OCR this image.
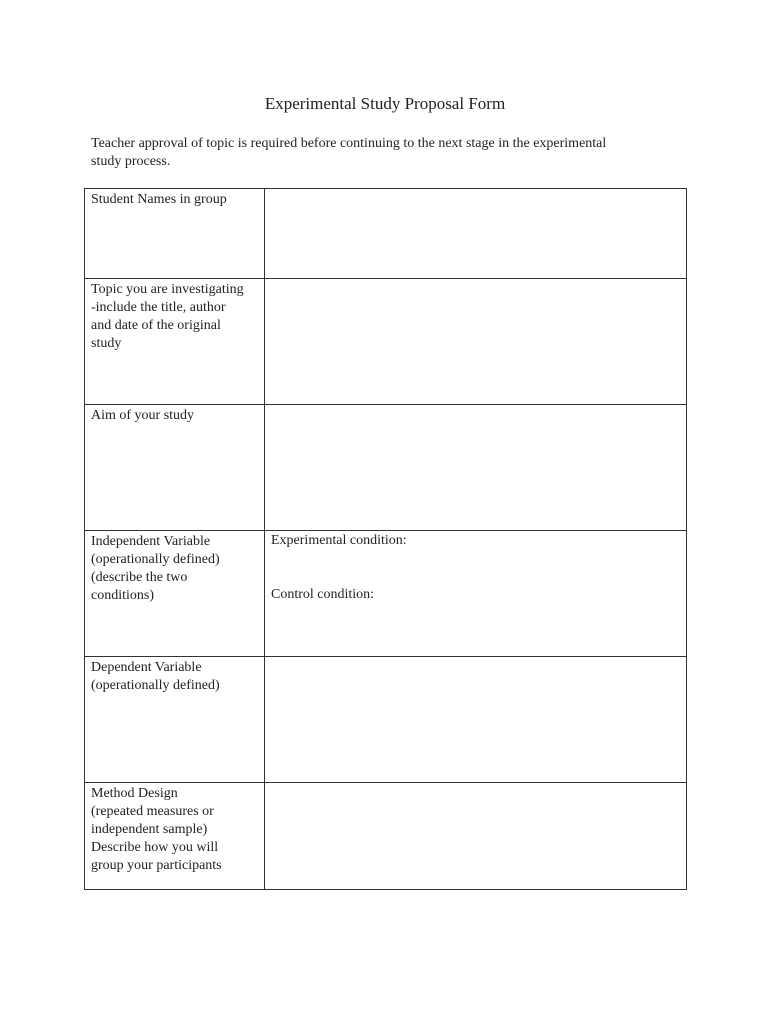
Experimental Study Proposal Form
Teacher approval of topic is required before continuing to the next stage in the experimental
study process.
Student Names in group	

Topic you are investigating
-include the title, author
and date of the original
study	

Aim of your study	

Independent Variable
(operationally defined)
(describe the two
conditions)	Experimental condition:
Control condition:

Dependent Variable
(operationally defined)	

Method Design
(repeated measures or
independent sample)
Describe how you will
group your participants	
